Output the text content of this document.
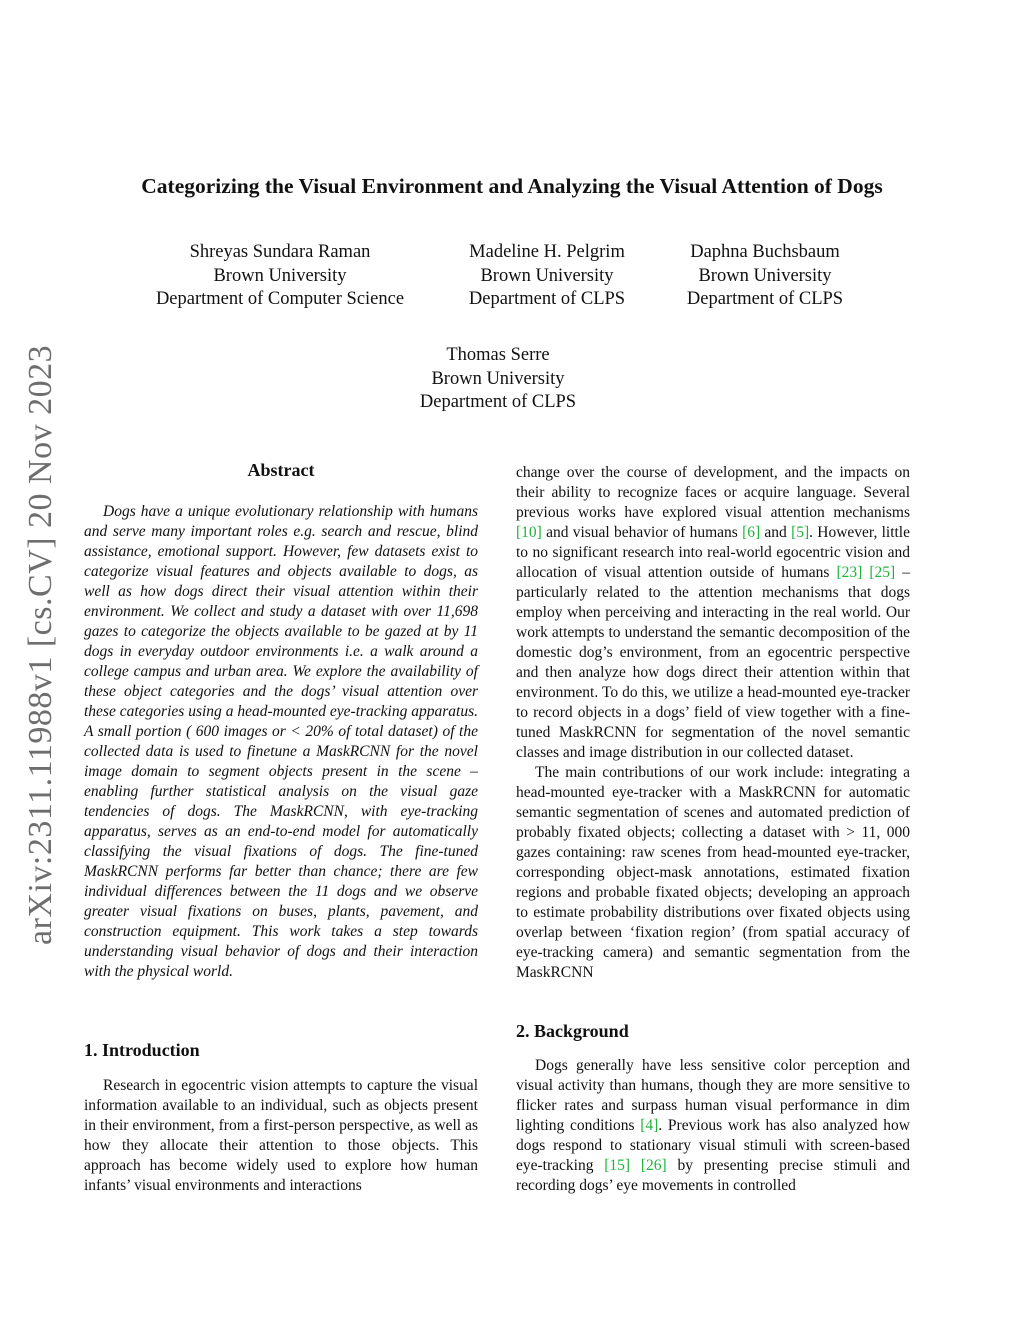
arXiv:2311.11988v1 [cs.CV] 20 Nov 2023
Categorizing the Visual Environment and Analyzing the Visual Attention of Dogs
Shreyas Sundara Raman
Brown University
Department of Computer Science
Madeline H. Pelgrim
Brown University
Department of CLPS
Daphna Buchsbaum
Brown University
Department of CLPS
Thomas Serre
Brown University
Department of CLPS
Abstract
Dogs have a unique evolutionary relationship with humans and serve many important roles e.g. search and rescue, blind assistance, emotional support. However, few datasets exist to categorize visual features and objects available to dogs, as well as how dogs direct their visual attention within their environment. We collect and study a dataset with over 11,698 gazes to categorize the objects available to be gazed at by 11 dogs in everyday outdoor environments i.e. a walk around a college campus and urban area. We explore the availability of these object categories and the dogs’ visual attention over these categories using a head-mounted eye-tracking apparatus. A small portion ( 600 images or < 20% of total dataset) of the collected data is used to finetune a MaskRCNN for the novel image domain to segment objects present in the scene – enabling further statistical analysis on the visual gaze tendencies of dogs. The MaskRCNN, with eye-tracking apparatus, serves as an end-to-end model for automatically classifying the visual fixations of dogs. The fine-tuned MaskRCNN performs far better than chance; there are few individual differences between the 11 dogs and we observe greater visual fixations on buses, plants, pavement, and construction equipment. This work takes a step towards understanding visual behavior of dogs and their interaction with the physical world.
1. Introduction

Research in egocentric vision attempts to capture the visual information available to an individual, such as objects present in their environment, from a first-person perspective, as well as how they allocate their attention to those objects. This approach has become widely used to explore how human infants’ visual environments and interactions

change over the course of development, and the impacts on their ability to recognize faces or acquire language. Several previous works have explored visual attention mechanisms [10] and visual behavior of humans [6] and [5]. However, little to no significant research into real-world egocentric vision and allocation of visual attention outside of humans [23] [25] – particularly related to the attention mechanisms that dogs employ when perceiving and interacting in the real world. Our work attempts to understand the semantic decomposition of the domestic dog’s environment, from an egocentric perspective and then analyze how dogs direct their attention within that environment. To do this, we utilize a head-mounted eye-tracker to record objects in a dogs’ field of view together with a fine-tuned MaskRCNN for segmentation of the novel semantic classes and image distribution in our collected dataset.

The main contributions of our work include: integrating a head-mounted eye-tracker with a MaskRCNN for automatic semantic segmentation of scenes and automated prediction of probably fixated objects; collecting a dataset with > 11, 000 gazes containing: raw scenes from head-mounted eye-tracker, corresponding object-mask annotations, estimated fixation regions and probable fixated objects; developing an approach to estimate probability distributions over fixated objects using overlap between ‘fixation region’ (from spatial accuracy of eye-tracking camera) and semantic segmentation from the MaskRCNN

2. Background

Dogs generally have less sensitive color perception and visual activity than humans, though they are more sensitive to flicker rates and surpass human visual performance in dim lighting conditions [4]. Previous work has also analyzed how dogs respond to stationary visual stimuli with screen-based eye-tracking [15] [26] by presenting precise stimuli and recording dogs’ eye movements in controlled
